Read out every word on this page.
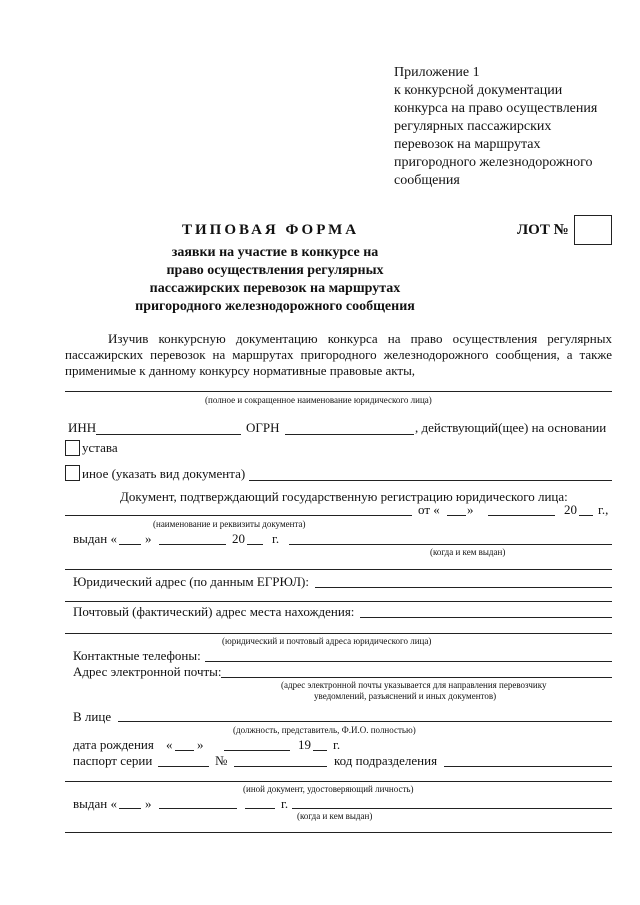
Приложение 1
к конкурсной документации
конкурса на право осуществления
регулярных пассажирских
перевозок на маршрутах
пригородного железнодорожного
сообщения
ТИПОВАЯ ФОРМА	ЛОТ №
заявки на участие в конкурсе на
право осуществления регулярных
пассажирских перевозок на маршрутах
пригородного железнодорожного сообщения
Изучив конкурсную документацию конкурса на право осуществления регулярных
пассажирских перевозок на маршрутах пригородного железнодорожного сообщения, а также
применимые к данному конкурсу нормативные правовые акты,
(полное и сокращенное наименование юридического лица)
ИНН	ОГРН	, действующий(щее) на основании
устава
иное (указать вид документа)
Документ, подтверждающий государственную регистрацию юридического лица:
от « »	20 г.,
(наименование и реквизиты документа)
выдан « »	20 г.
(когда и кем выдан)
Юридический адрес (по данным ЕГРЮЛ):
Почтовый (фактический) адрес места нахождения:
(юридический и почтовый адреса юридического лица)
Контактные телефоны:
Адрес электронной почты:
(адрес электронной почты указывается для направления перевозчику
уведомлений, разъяснений и иных документов)
В лице
(должность, представитель, Ф.И.О. полностью)
дата рождения « »	19 г.
паспорт серии	№	код подразделения
(иной документ, удостоверяющий личность)
выдан « »	г.
(когда и кем выдан)
